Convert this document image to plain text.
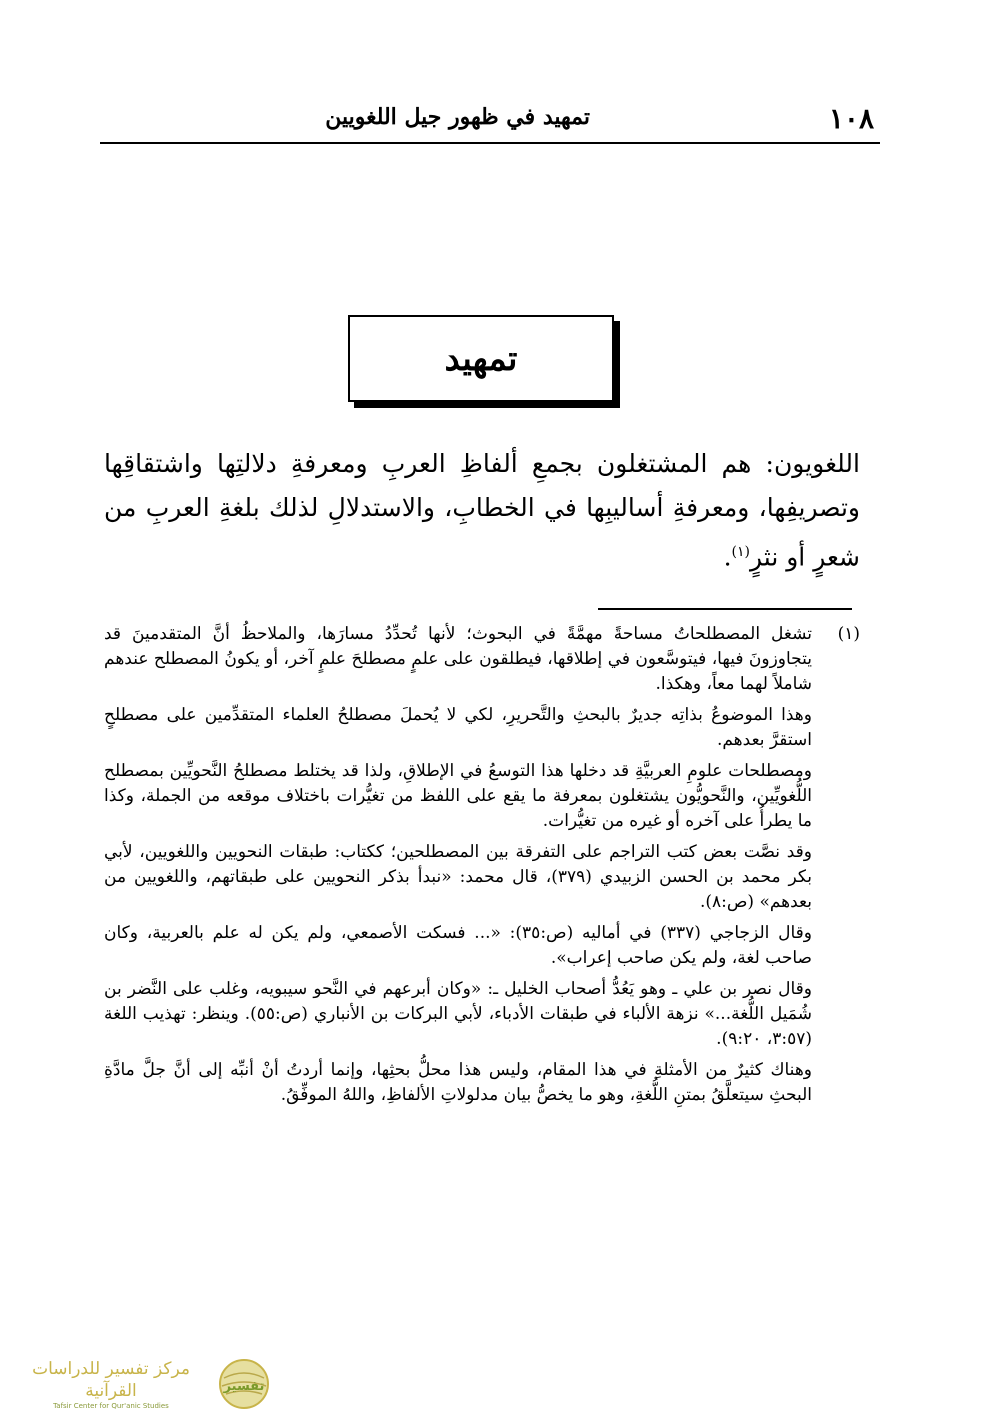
١٠٨
تمهيد في ظهور جيل اللغويين
تمهيد
اللغويون: هم المشتغلون بجمعِ ألفاظِ العربِ ومعرفةِ دلالتِها واشتقاقِها وتصريفِها، ومعرفةِ أساليبِها في الخطابِ، والاستدلالِ لذلك بلغةِ العربِ من شعرٍ أو نثرٍ$^{(١)}$.
(١)

تشغل المصطلحاتُ مساحةً مهمَّةً في البحوث؛ لأنها تُحدِّدُ مسارَها، والملاحظُ أنَّ المتقدمينَ قد يتجاوزونَ فيها، فيتوسَّعون في إطلاقها، فيطلقون على علمٍ مصطلحَ علمٍ آخر، أو يكونُ المصطلح عندهم شاملاً لهما معاً، وهكذا.

وهذا الموضوعُ بذاتِه جديرٌ بالبحثِ والتَّحريرِ، لكي لا يُحملَ مصطلحُ العلماء المتقدِّمين على مصطلحٍ استقرَّ بعدهم.

ومصطلحات علومِ العربيَّةِ قد دخلها هذا التوسعُ في الإطلاقِ، ولذا قد يختلط مصطلحُ النَّحويِّين بمصطلح اللُّغويِّين، والنَّحويُّون يشتغلون بمعرفة ما يقع على اللفظ من تغيُّرات باختلاف موقعه من الجملة، وكذا ما يطرأُ على آخره أو غيره من تغيُّرات.

وقد نصَّت بعض كتب التراجم على التفرقة بين المصطلحين؛ ككتاب: طبقات النحويين واللغويين، لأبي بكر محمد بن الحسن الزبيدي (٣٧٩)، قال محمد: «نبدأ بذكر النحويين على طبقاتهم، واللغويين من بعدهم» (ص:٨).

وقال الزجاجي (٣٣٧) في أماليه (ص:٣٥): «... فسكت الأصمعي، ولم يكن له علم بالعربية، وكان صاحب لغة، ولم يكن صاحب إعراب».

وقال نصر بن علي ـ وهو يَعُدُّ أصحاب الخليل ـ: «وكان أبرعهم في النَّحو سيبويه، وغلب على النَّضر بن شُمَيل اللُّغة...» نزهة الألباء في طبقات الأدباء، لأبي البركات بن الأنباري (ص:٥٥). وينظر: تهذيب اللغة (٣:٥٧، ٩:٢٠).

وهناك كثيرٌ من الأمثلةِ في هذا المقام، وليس هذا محلُّ بحثِها، وإنما أردتُ أنْ أنبِّه إلى أنَّ جلَّ مادَّةِ البحثِ سيتعلَّقُ بمتنِ اللُّغةِ، وهو ما يخصُّ بيان مدلولاتِ الألفاظِ، واللهُ الموفِّقُ.

مركز تفسير للدراسات القرآنية
Tafsir Center for Qur'anic Studies
تفسير
